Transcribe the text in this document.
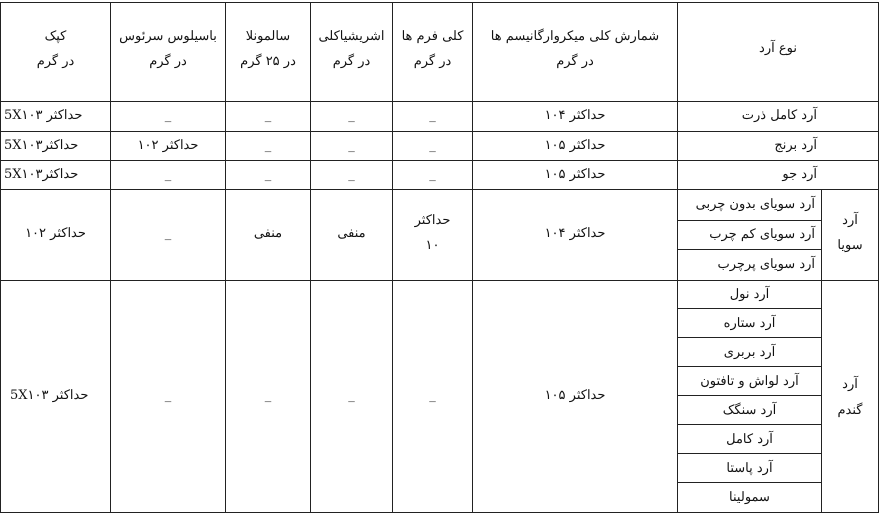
نوع آرد
شمارش کلی میکروارگانیسم ها
در گرم
کلی فرم ها
در گرم
اشریشیاکلی
در گرم
سالمونلا
در ۲۵ گرم
باسیلوس سرئوس
در گرم
کپک
در گرم
آرد کامل ذرت
حداکثر ۱۰۴
_
_
_
_
5X۱۰۳ حداکثر
آرد برنج
حداکثر ۱۰۵
_
_
_
حداکثر ۱۰۲
5X۱۰۳حداکثر
آرد جو
حداکثر ۱۰۵
_
_
_
_
5X۱۰۳حداکثر
آرد
سویا
آرد سویای بدون چربی
آرد سویای کم چرب
آرد سویای پرچرب
حداکثر ۱۰۴
حداکثر
۱۰
منفی
منفی
_
حداکثر ۱۰۲
آرد
گندم
آرد نول
آرد ستاره
آرد بربری
آرد لواش و تافتون
آرد سنگک
آرد کامل
آرد پاستا
سمولینا
حداکثر ۱۰۵
_
_
_
_
5X۱۰۳ حداکثر
